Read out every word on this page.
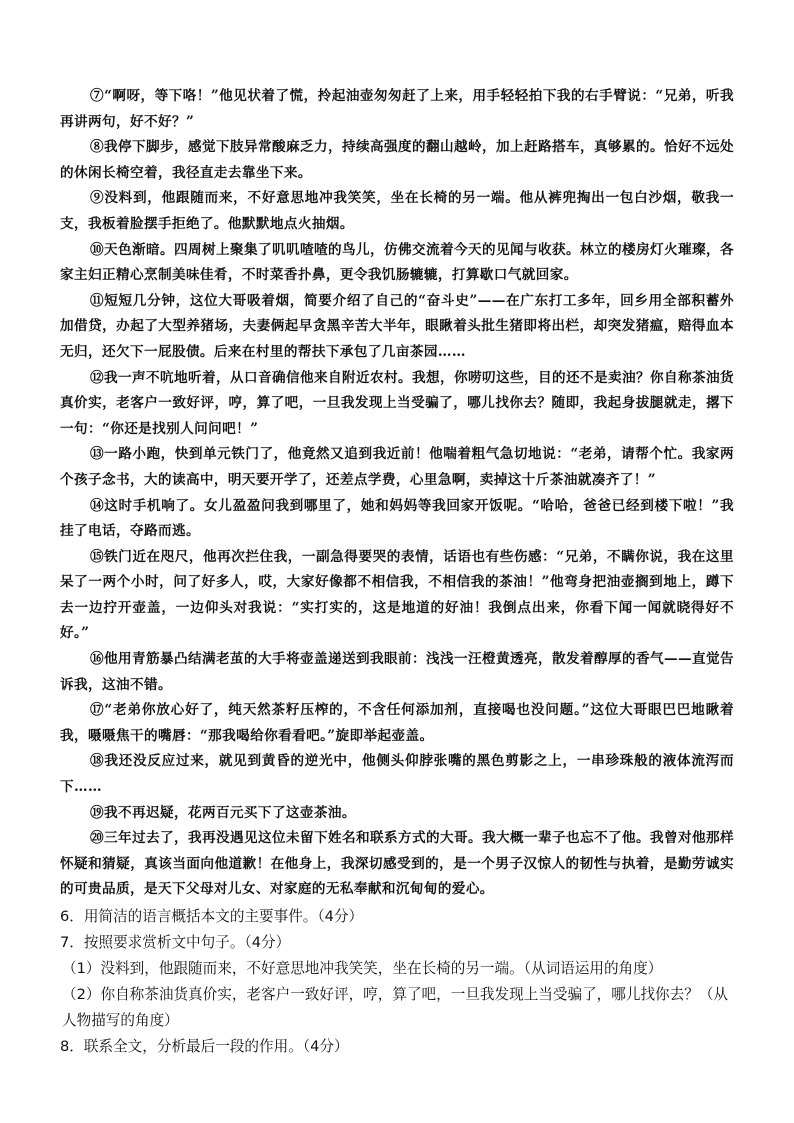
⑦“啊呀，等下咯！”他见状着了慌，拎起油壶匆匆赶了上来，用手轻轻拍下我的右手臂说：“兄弟，听我再讲两句，好不好？”

⑧我停下脚步，感觉下肢异常酸麻乏力，持续高强度的翻山越岭，加上赶路搭车，真够累的。恰好不远处的休闲长椅空着，我径直走去靠坐下来。

⑨没料到，他跟随而来，不好意思地冲我笑笑，坐在长椅的另一端。他从裤兜掏出一包白沙烟，敬我一支，我板着脸摆手拒绝了。他默默地点火抽烟。

⑩天色渐暗。四周树上聚集了叽叽喳喳的鸟儿，仿佛交流着今天的见闻与收获。林立的楼房灯火璀璨，各家主妇正精心烹制美味佳肴，不时菜香扑鼻，更令我饥肠辘辘，打算歇口气就回家。

⑪短短几分钟，这位大哥吸着烟，简要介绍了自己的“奋斗史”——在广东打工多年，回乡用全部积蓄外加借贷，办起了大型养猪场，夫妻俩起早贪黑辛苦大半年，眼瞅着头批生猪即将出栏，却突发猪瘟，赔得血本无归，还欠下一屁股债。后来在村里的帮扶下承包了几亩茶园……

⑫我一声不吭地听着，从口音确信他来自附近农村。我想，你唠叨这些，目的还不是卖油？你自称茶油货真价实，老客户一致好评，哼，算了吧，一旦我发现上当受骗了，哪儿找你去？随即，我起身拔腿就走，撂下一句：“你还是找别人问问吧！”

⑬一路小跑，快到单元铁门了，他竟然又追到我近前！他喘着粗气急切地说：“老弟，请帮个忙。我家两个孩子念书，大的读高中，明天要开学了，还差点学费，心里急啊，卖掉这十斤茶油就凑齐了！”

⑭这时手机响了。女儿盈盈问我到哪里了，她和妈妈等我回家开饭呢。“哈哈，爸爸已经到楼下啦！”我挂了电话，夺路而逃。

⑮铁门近在咫尺，他再次拦住我，一副急得要哭的表情，话语也有些伤感：“兄弟，不瞒你说，我在这里呆了一两个小时，问了好多人，哎，大家好像都不相信我，不相信我的茶油！”他弯身把油壶搁到地上，蹲下去一边拧开壶盖，一边仰头对我说：“实打实的，这是地道的好油！我倒点出来，你看下闻一闻就晓得好不好。”

⑯他用青筋暴凸结满老茧的大手将壶盖递送到我眼前：浅浅一汪橙黄透亮，散发着醇厚的香气——直觉告诉我，这油不错。

⑰“老弟你放心好了，纯天然茶籽压榨的，不含任何添加剂，直接喝也没问题。”这位大哥眼巴巴地瞅着我，嗫嗫焦干的嘴唇：“那我喝给你看看吧。”旋即举起壶盖。

⑱我还没反应过来，就见到黄昏的逆光中，他侧头仰脖张嘴的黑色剪影之上，一串珍珠般的液体流泻而下……

⑲我不再迟疑，花两百元买下了这壶茶油。

⑳三年过去了，我再没遇见这位未留下姓名和联系方式的大哥。我大概一辈子也忘不了他。我曾对他那样怀疑和猜疑，真该当面向他道歉！在他身上，我深切感受到的，是一个男子汉惊人的韧性与执着，是勤劳诚实的可贵品质，是天下父母对儿女、对家庭的无私奉献和沉甸甸的爱心。

6．用简洁的语言概括本文的主要事件。（4分）

7．按照要求赏析文中句子。（4分）

（1）没料到，他跟随而来，不好意思地冲我笑笑，坐在长椅的另一端。（从词语运用的角度）

（2）你自称茶油货真价实，老客户一致好评，哼，算了吧，一旦我发现上当受骗了，哪儿找你去？（从人物描写的角度）

8．联系全文，分析最后一段的作用。（4分）
